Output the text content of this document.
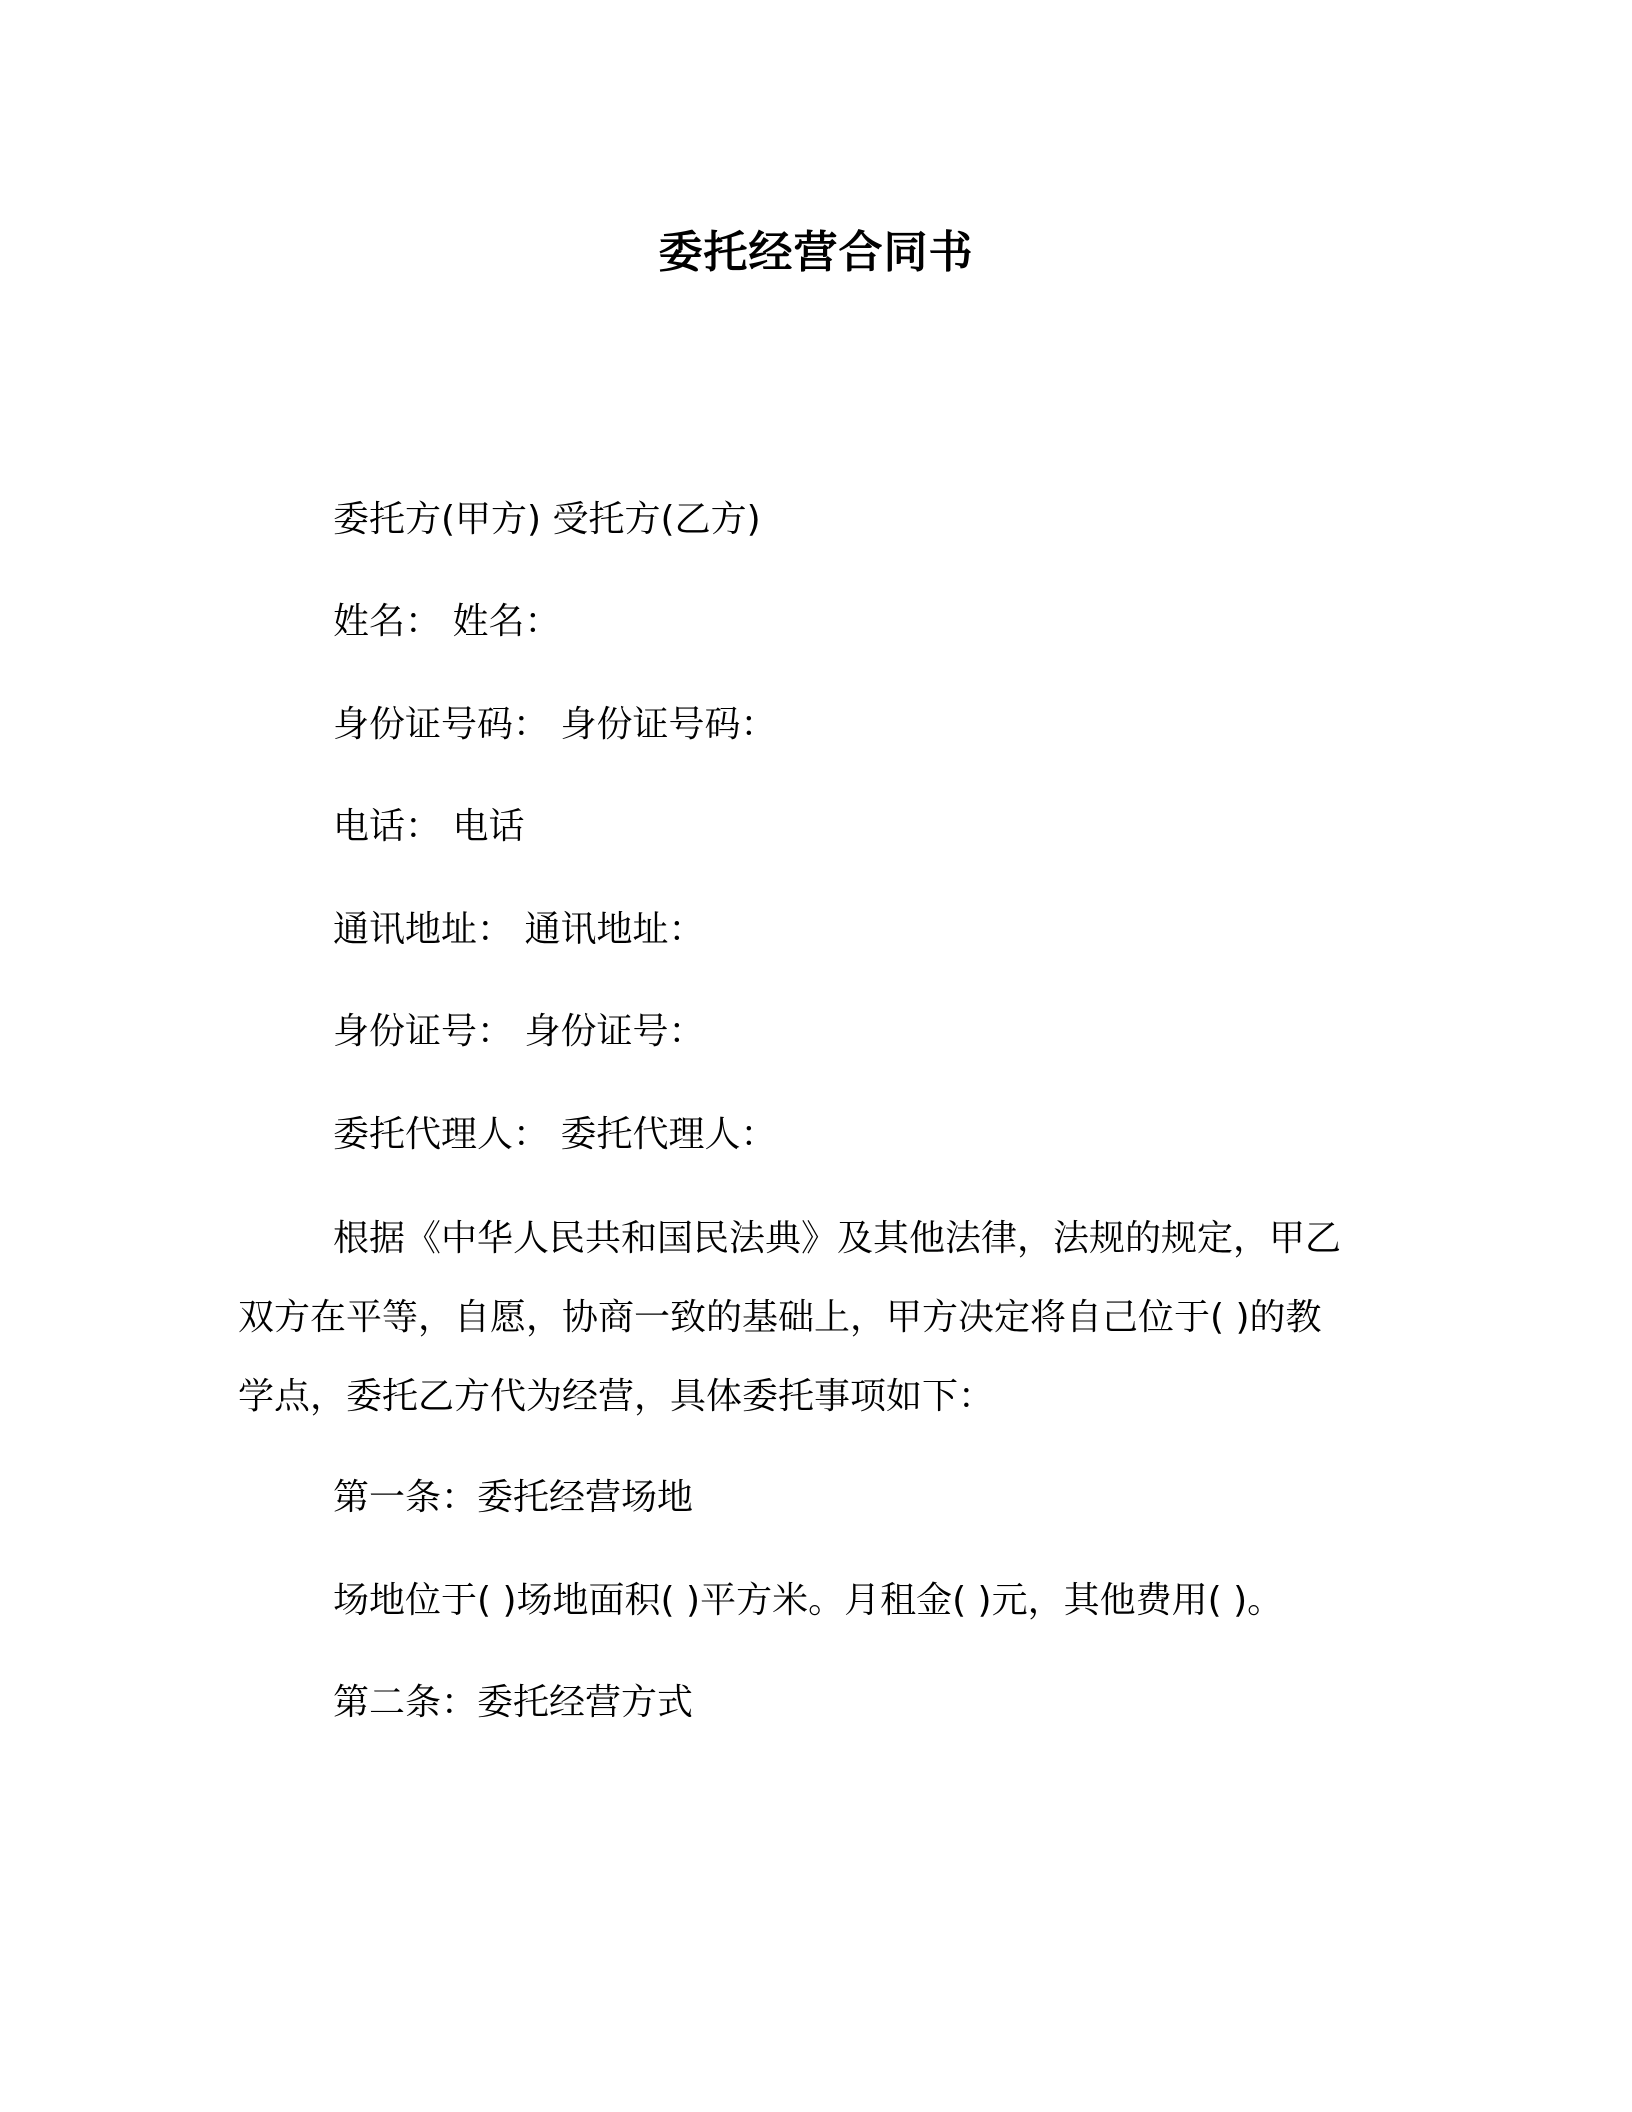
委托经营合同书
委托方(甲方) 受托方(乙方)
姓名： 姓名：
身份证号码： 身份证号码：
电话： 电话
通讯地址： 通讯地址：
身份证号： 身份证号：
委托代理人： 委托代理人：
根据《中华人民共和国民法典》及其他法律，法规的规定，甲乙
双方在平等，自愿，协商一致的基础上，甲方决定将自己位于( )的教
学点，委托乙方代为经营，具体委托事项如下：
第一条：委托经营场地
场地位于( )场地面积( )平方米。月租金( )元，其他费用( )。
第二条：委托经营方式
